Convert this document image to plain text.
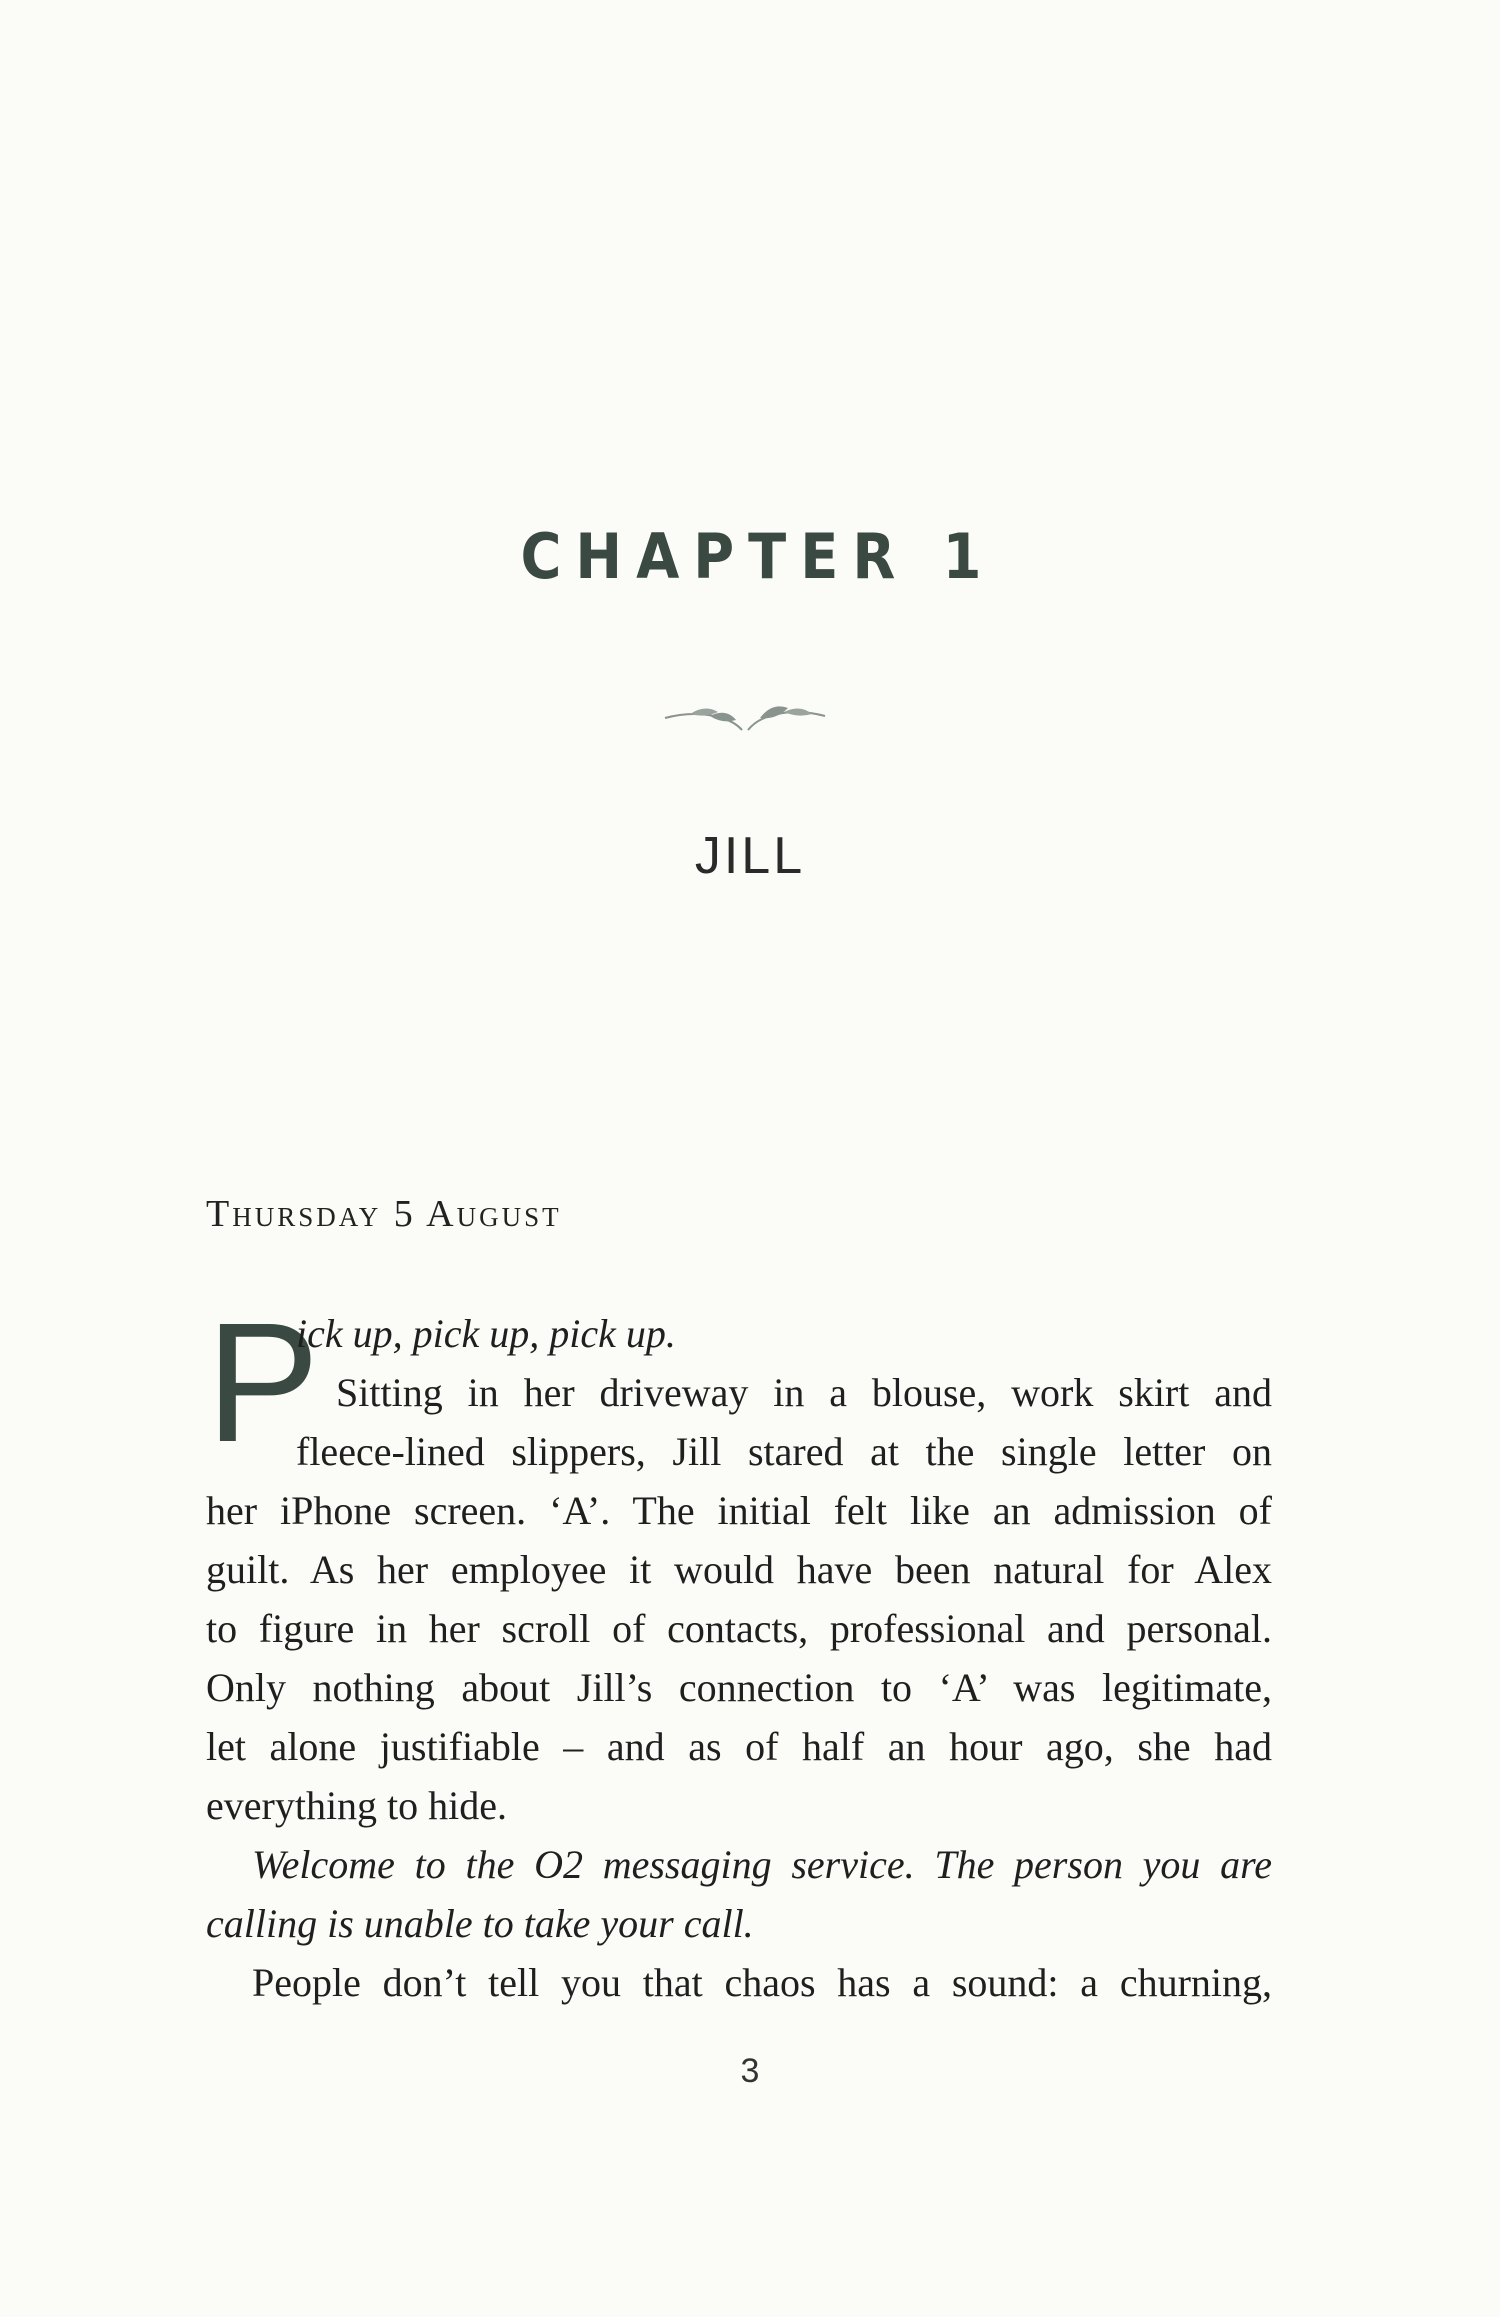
CHAPTER 1
JILL
Thursday 5 August
P
ick up, pick up, pick up.
Sitting in her driveway in a blouse, work skirt and
fleece-lined slippers, Jill stared at the single letter on
her iPhone screen. ‘A’. The initial felt like an admission of
guilt. As her employee it would have been natural for Alex
to figure in her scroll of contacts, professional and personal.
Only nothing about Jill’s connection to ‘A’ was legitimate,
let alone justifiable – and as of half an hour ago, she had
everything to hide.
Welcome to the O2 messaging service. The person you are
calling is unable to take your call.
People don’t tell you that chaos has a sound: a churning,
3
